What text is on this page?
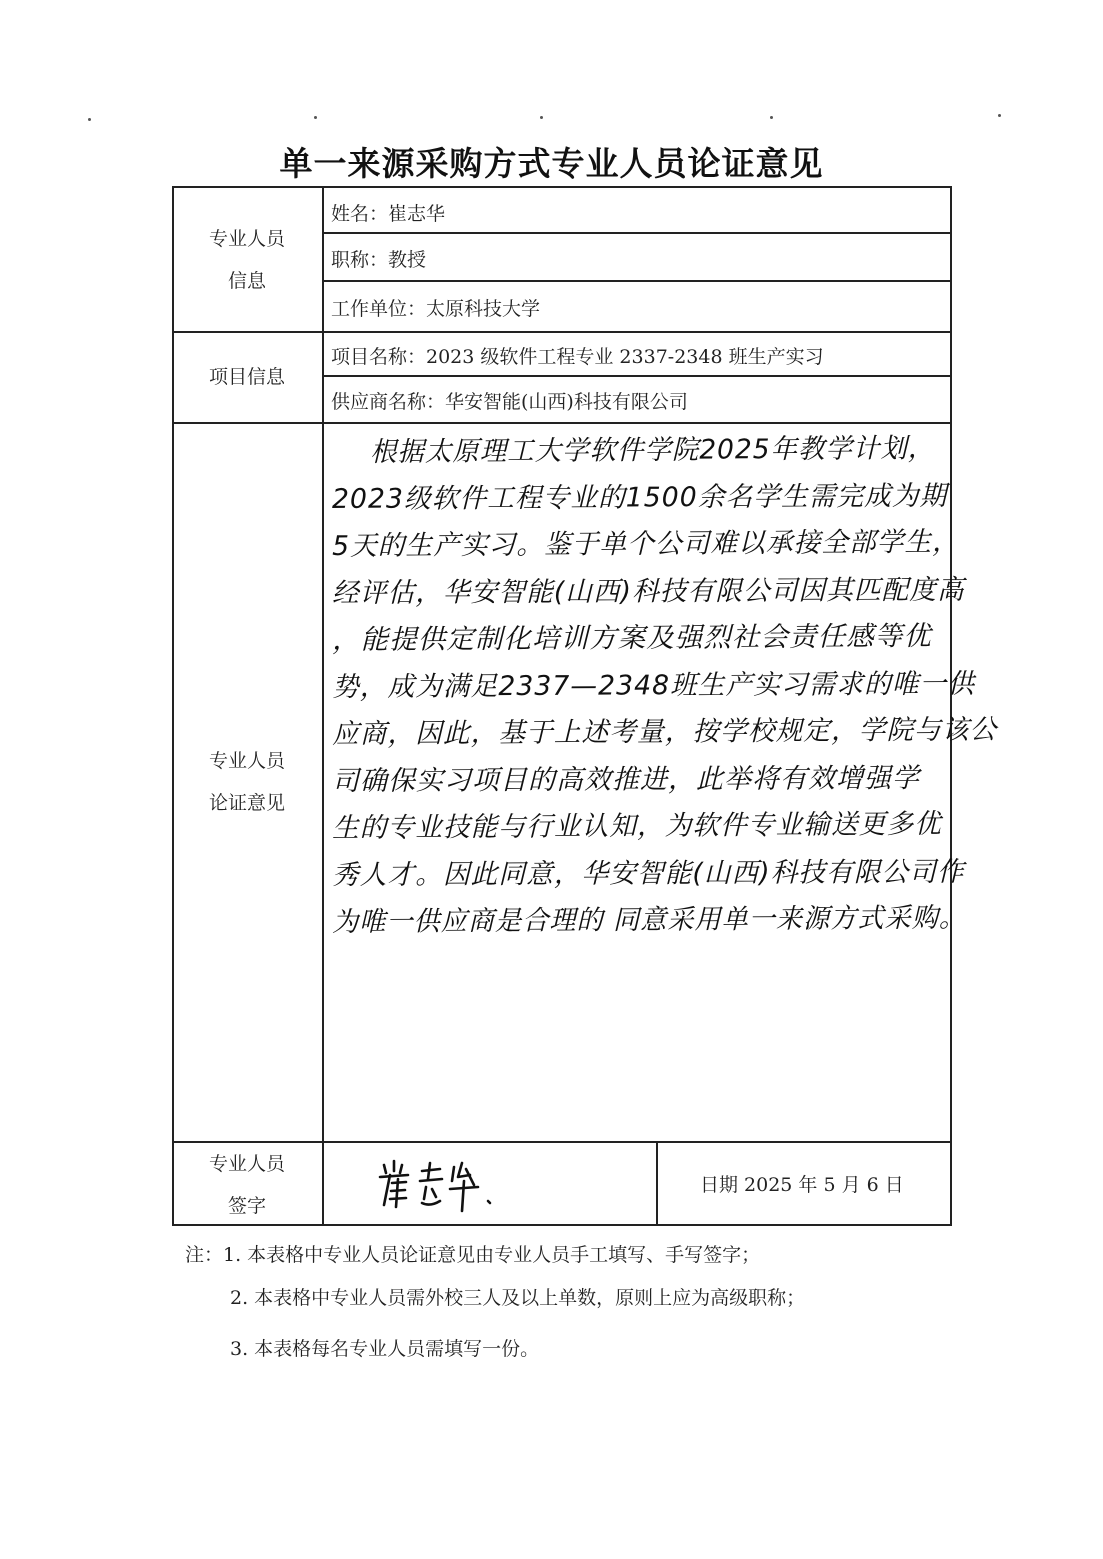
单一来源采购方式专业人员论证意见
专业人员
信息
姓名：崔志华
职称：教授
工作单位：太原科技大学
项目信息
项目名称：2023 级软件工程专业 2337-2348 班生产实习
供应商名称：华安智能(山西)科技有限公司
专业人员
论证意见
根据太原理工大学软件学院2025年教学计划，
2023级软件工程专业的1500余名学生需完成为期
5天的生产实习。鉴于单个公司难以承接全部学生，
经评估，华安智能(山西)科技有限公司因其匹配度高
，能提供定制化培训方案及强烈社会责任感等优
势，成为满足2337—2348班生产实习需求的唯一供
应商，因此，基于上述考量，按学校规定，学院与该公
司确保实习项目的高效推进，此举将有效增强学
生的专业技能与行业认知，为软件专业输送更多优
秀人才。因此同意，华安智能(山西)科技有限公司作
为唯一供应商是合理的 同意采用单一来源方式采购。
专业人员
签字
日期 2025 年 5 月 6 日
注：1. 本表格中专业人员论证意见由专业人员手工填写、手写签字；
2. 本表格中专业人员需外校三人及以上单数，原则上应为高级职称；
3. 本表格每名专业人员需填写一份。
